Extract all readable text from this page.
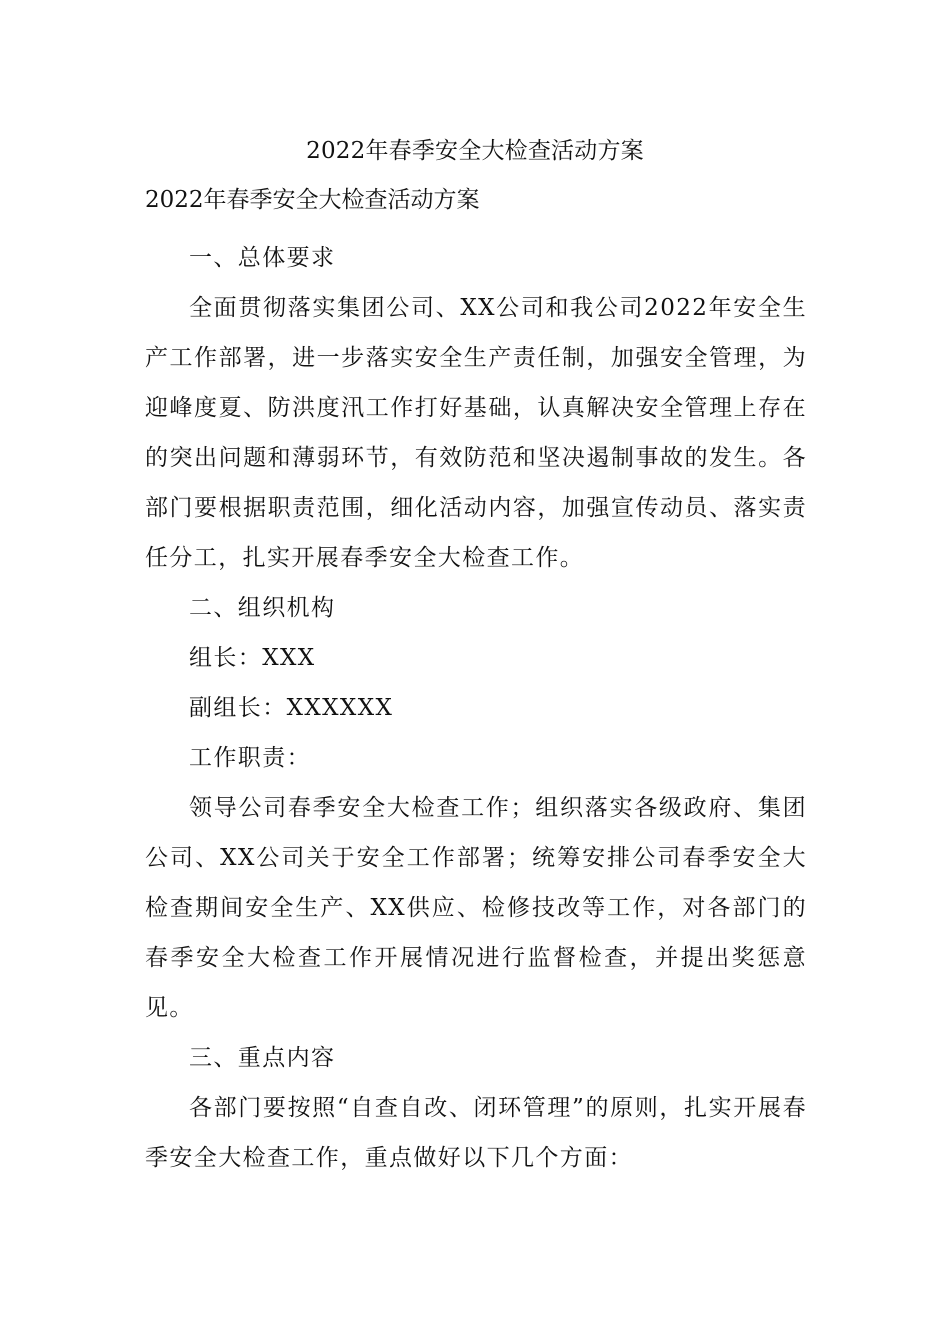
2022年春季安全大检查活动方案
2022年春季安全大检查活动方案

一、总体要求

全面贯彻落实集团公司、XX公司和我公司2022年安全生产工作部署，进一步落实安全生产责任制，加强安全管理，为迎峰度夏、防洪度汛工作打好基础，认真解决安全管理上存在的突出问题和薄弱环节，有效防范和坚决遏制事故的发生。各部门要根据职责范围，细化活动内容，加强宣传动员、落实责任分工，扎实开展春季安全大检查工作。

二、组织机构

组长：XXX

副组长：XXXXXX

工作职责：

领导公司春季安全大检查工作；组织落实各级政府、集团公司、XX公司关于安全工作部署；统筹安排公司春季安全大检查期间安全生产、XX供应、检修技改等工作，对各部门的春季安全大检查工作开展情况进行监督检查，并提出奖惩意见。

三、重点内容

各部门要按照“自查自改、闭环管理”的原则，扎实开展春季安全大检查工作，重点做好以下几个方面：
